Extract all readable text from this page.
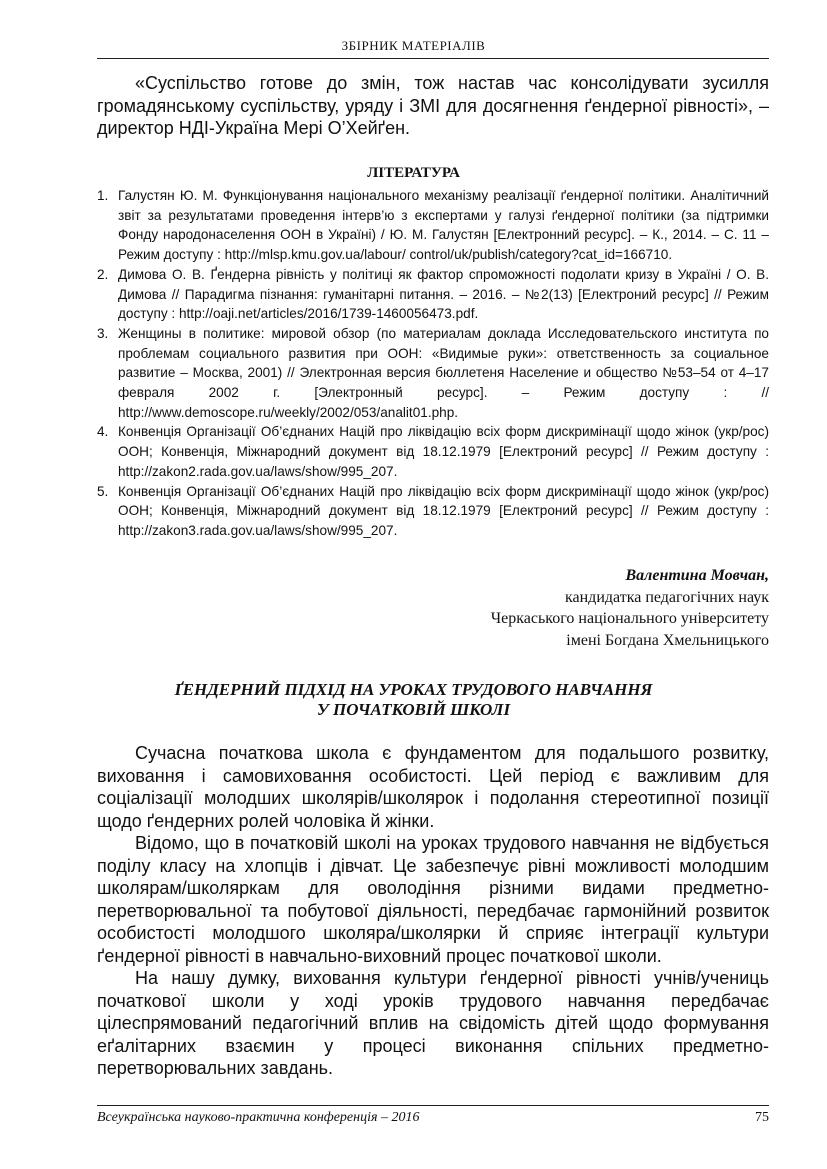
ЗБІРНИК МАТЕРІАЛІВ

«Суспільство готове до змін, тож настав час консолідувати зусилля громадянському суспільству, уряду і ЗМІ для досягнення ґендерної рівності», – директор НДІ-Україна Мері О’Хейґен.

ЛІТЕРАТУРА
1. Галустян Ю. М. Функціонування національного механізму реалізації ґендерної політики. Аналітичний звіт за результатами проведення інтерв’ю з експертами у галузі ґендерної політики (за підтримки Фонду народонаселення ООН в Україні) / Ю. М. Галустян [Електронний ресурс]. – К., 2014. – С. 11 – Режим доступу : http://mlsp.kmu.gov.ua/labour/ control/uk/publish/category?cat_id=166710.
2. Димова О. В. Ґендерна рівність у політиці як фактор спроможності подолати кризу в Україні / О. В. Димова // Парадигма пізнання: гуманітарні питання. – 2016. – №2(13) [Електроний ресурс] // Режим доступу : http://oaji.net/articles/2016/1739-1460056473.pdf.
3. Женщины в политике: мировой обзор (по материалам доклада Исследовательского института по проблемам социального развития при ООН: «Видимые руки»: ответственность за социальное развитие – Москва, 2001) // Электронная версия бюллетеня Население и общество №53–54 от 4–17 февраля 2002 г. [Электронный ресурс]. – Режим доступу : // http://www.demoscope.ru/weekly/2002/053/analit01.php.
4. Конвенція Організації Об’єднаних Націй про ліквідацію всіх форм дискримінації щодо жінок (укр/рос) ООН; Конвенція, Міжнародний документ від 18.12.1979 [Електроний ресурс] // Режим доступу : http://zakon2.rada.gov.ua/laws/show/995_207.
5. Конвенція Організації Об’єднаних Націй про ліквідацію всіх форм дискримінації щодо жінок (укр/рос) ООН; Конвенція, Міжнародний документ від 18.12.1979 [Електроний ресурс] // Режим доступу : http://zakon3.rada.gov.ua/laws/show/995_207.
Валентина Мовчан,
кандидатка педагогічних наук
Черкаського національного університету
імені Богдана Хмельницького
ҐЕНДЕРНИЙ ПІДХІД НА УРОКАХ ТРУДОВОГО НАВЧАННЯ
У ПОЧАТКОВІЙ ШКОЛІ

Сучасна початкова школа є фундаментом для подальшого розвитку, виховання і самовиховання особистості. Цей період є важливим для соціалізації молодших школярів/школярок і подолання стереотипної позиції щодо ґендерних ролей чоловіка й жінки.

Відомо, що в початковій школі на уроках трудового навчання не відбується поділу класу на хлопців і дівчат. Це забезпечує рівні можливості молодшим школярам/школяркам для оволодіння різними видами предметно-перетворювальної та побутової діяльності, передбачає гармонійний розвиток особистості молодшого школяра/школярки й сприяє інтеграції культури ґендерної рівності в навчально-виховний процес початкової школи.

На нашу думку, виховання культури ґендерної рівності учнів/учениць початкової школи у ході уроків трудового навчання передбачає цілеспрямований педагогічний вплив на свідомість дітей щодо формування еґалітарних взаємин у процесі виконання спільних предметно-перетворювальних завдань.

Всеукраїнська науково-практична конференція – 2016	75
